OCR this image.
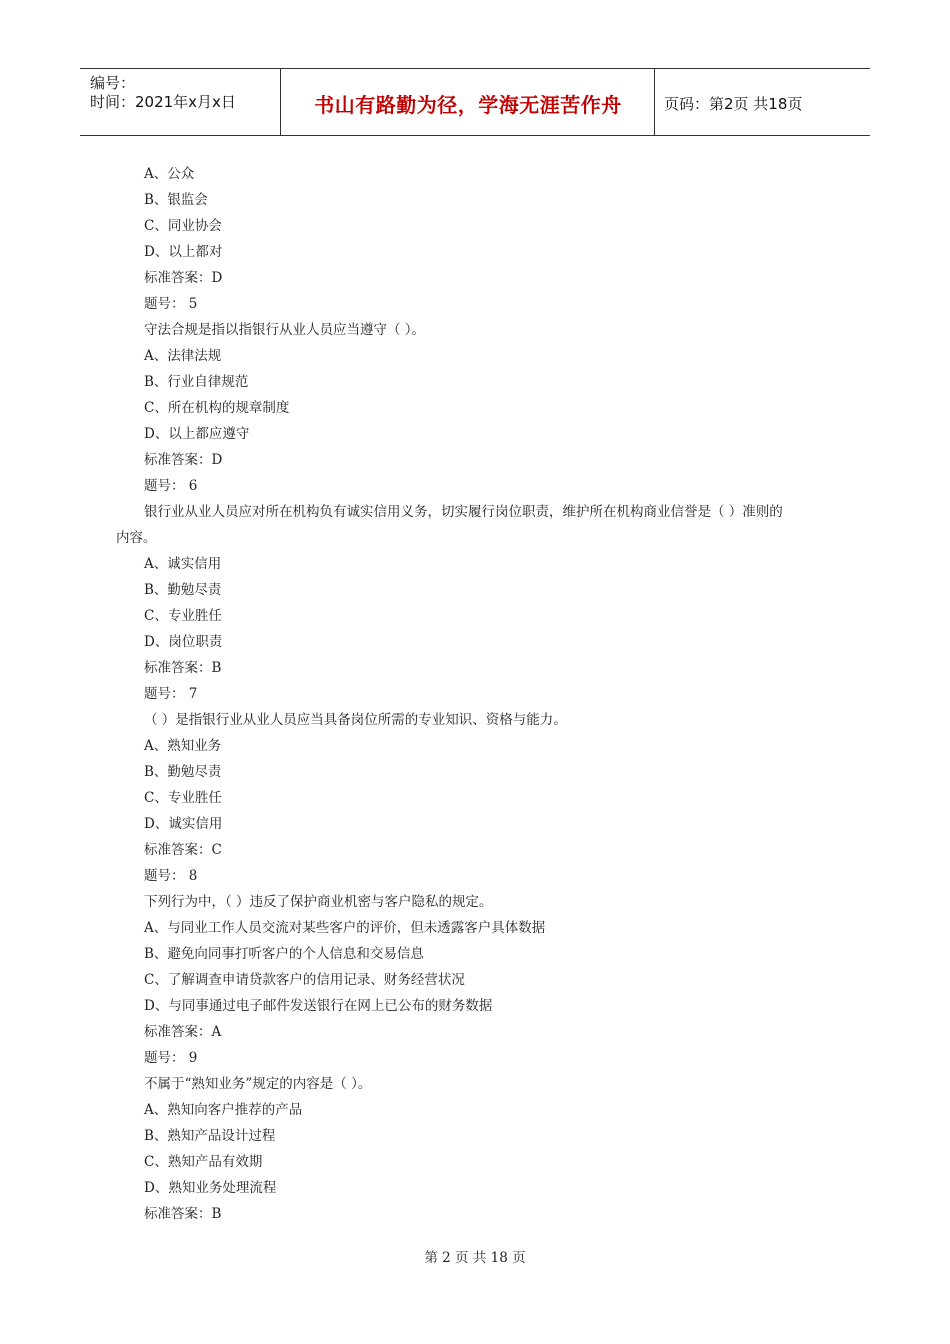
编号：
时间：2021年x月x日	书山有路勤为径，学海无涯苦作舟	页码：第2页 共18页
A、公众
B、银监会
C、同业协会
D、以上都对
标准答案：D
题号： 5
守法合规是指以指银行从业人员应当遵守（ ）。
A、法律法规
B、行业自律规范
C、所在机构的规章制度
D、以上都应遵守
标准答案：D
题号： 6
银行业从业人员应对所在机构负有诚实信用义务，切实履行岗位职责，维护所在机构商业信誉是（ ）准则的
内容。
A、诚实信用
B、勤勉尽责
C、专业胜任
D、岗位职责
标准答案：B
题号： 7
（ ）是指银行业从业人员应当具备岗位所需的专业知识、资格与能力。
A、熟知业务
B、勤勉尽责
C、专业胜任
D、诚实信用
标准答案：C
题号： 8
下列行为中，（ ）违反了保护商业机密与客户隐私的规定。
A、与同业工作人员交流对某些客户的评价，但未透露客户具体数据
B、避免向同事打听客户的个人信息和交易信息
C、了解调查申请贷款客户的信用记录、财务经营状况
D、与同事通过电子邮件发送银行在网上已公布的财务数据
标准答案：A
题号： 9
不属于“熟知业务”规定的内容是（ ）。
A、熟知向客户推荐的产品
B、熟知产品设计过程
C、熟知产品有效期
D、熟知业务处理流程
标准答案：B
第 2 页 共 18 页
